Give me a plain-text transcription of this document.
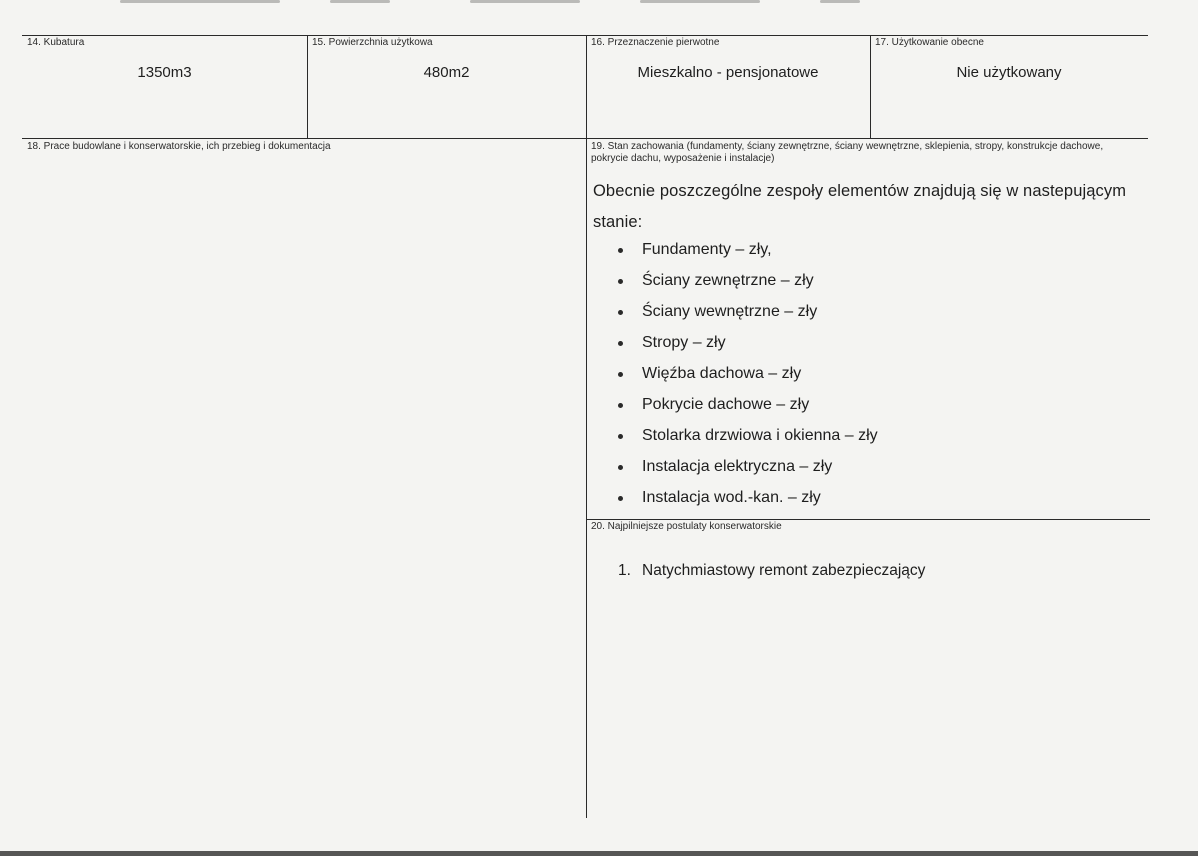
14. Kubatura
1350m3
15. Powierzchnia użytkowa
480m2
16. Przeznaczenie pierwotne
Mieszkalno - pensjonatowe
17. Użytkowanie obecne
Nie użytkowany
18. Prace budowlane i konserwatorskie, ich przebieg i dokumentacja	19. Stan zachowania (fundamenty, ściany zewnętrzne, ściany wewnętrzne, sklepienia, stropy, konstrukcje dachowe, pokrycie dachu, wyposażenie i instalacje)
Obecnie poszczególne zespoły elementów znajdują się w nastepującym stanie:
Fundamenty – zły,
Ściany zewnętrzne – zły
Ściany wewnętrzne – zły
Stropy – zły
Więźba dachowa – zły
Pokrycie dachowe – zły
Stolarka drzwiowa i okienna – zły
Instalacja elektryczna – zły
Instalacja wod.-kan. – zły
20. Najpilniejsze postulaty konserwatorskie
1. Natychmiastowy remont zabezpieczający
